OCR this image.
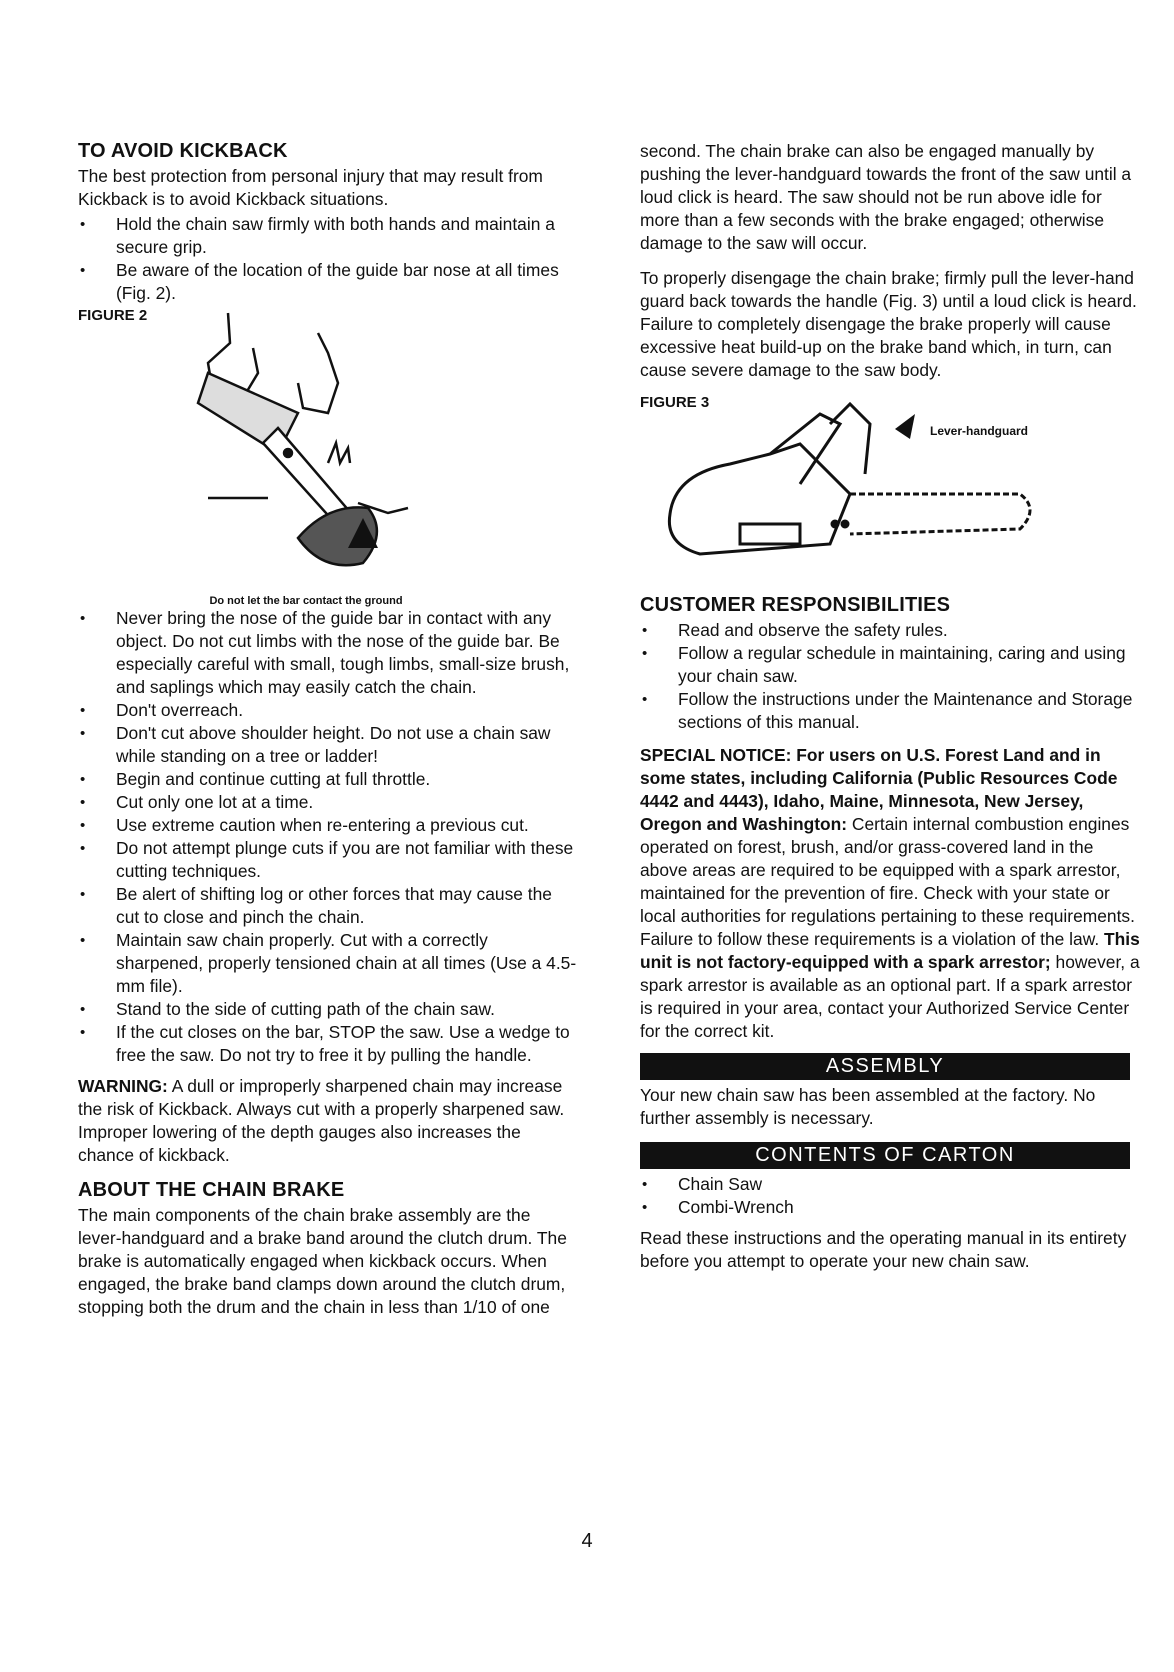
TO AVOID KICKBACK

The best protection from personal injury that may result from Kickback is to avoid Kickback situations.

• Hold the chain saw firmly with both hands and maintain a secure grip.
• Be aware of the location of the guide bar nose at all times (Fig. 2).
FIGURE 2
Do not let the bar contact the ground
• Never bring the nose of the guide bar in contact with any object. Do not cut limbs with the nose of the guide bar. Be especially careful with small, tough limbs, small-size brush, and saplings which may easily catch the chain.
• Don't overreach.
• Don't cut above shoulder height. Do not use a chain saw while standing on a tree or ladder!
• Begin and continue cutting at full throttle.
• Cut only one lot at a time.
• Use extreme caution when re-entering a previous cut.
• Do not attempt plunge cuts if you are not familiar with these cutting techniques.
• Be alert of shifting log or other forces that may cause the cut to close and pinch the chain.
• Maintain saw chain properly. Cut with a correctly sharpened, properly tensioned chain at all times (Use a 4.5-mm file).
• Stand to the side of cutting path of the chain saw.
• If the cut closes on the bar, STOP the saw. Use a wedge to free the saw. Do not try to free it by pulling the handle.

WARNING: A dull or improperly sharpened chain may increase the risk of Kickback. Always cut with a properly sharpened saw. Improper lowering of the depth gauges also increases the chance of kickback.

ABOUT THE CHAIN BRAKE

The main components of the chain brake assembly are the lever-handguard and a brake band around the clutch drum. The brake is automatically engaged when kickback occurs. When engaged, the brake band clamps down around the clutch drum, stopping both the drum and the chain in less than 1/10 of one

second. The chain brake can also be engaged manually by pushing the lever-handguard towards the front of the saw until a loud click is heard. The saw should not be run above idle for more than a few seconds with the brake engaged; otherwise damage to the saw will occur.

To properly disengage the chain brake; firmly pull the lever-hand guard back towards the handle (Fig. 3) until a loud click is heard. Failure to completely disengage the brake properly will cause excessive heat build-up on the brake band which, in turn, can cause severe damage to the saw body.

FIGURE 3
Lever-handguard
CUSTOMER RESPONSIBILITIES
• Read and observe the safety rules.
• Follow a regular schedule in maintaining, caring and using your chain saw.
• Follow the instructions under the Maintenance and Storage sections of this manual.

SPECIAL NOTICE: For users on U.S. Forest Land and in some states, including California (Public Resources Code 4442 and 4443), Idaho, Maine, Minnesota, New Jersey, Oregon and Washington: Certain internal combustion engines operated on forest, brush, and/or grass-covered land in the above areas are required to be equipped with a spark arrestor, maintained for the prevention of fire. Check with your state or local authorities for regulations pertaining to these requirements. Failure to follow these requirements is a violation of the law. This unit is not factory-equipped with a spark arrestor; however, a spark arrestor is available as an optional part. If a spark arrestor is required in your area, contact your Authorized Service Center for the correct kit.

ASSEMBLY

Your new chain saw has been assembled at the factory. No further assembly is necessary.

CONTENTS OF CARTON
• Chain Saw
• Combi-Wrench

Read these instructions and the operating manual in its entirety before you attempt to operate your new chain saw.

4
